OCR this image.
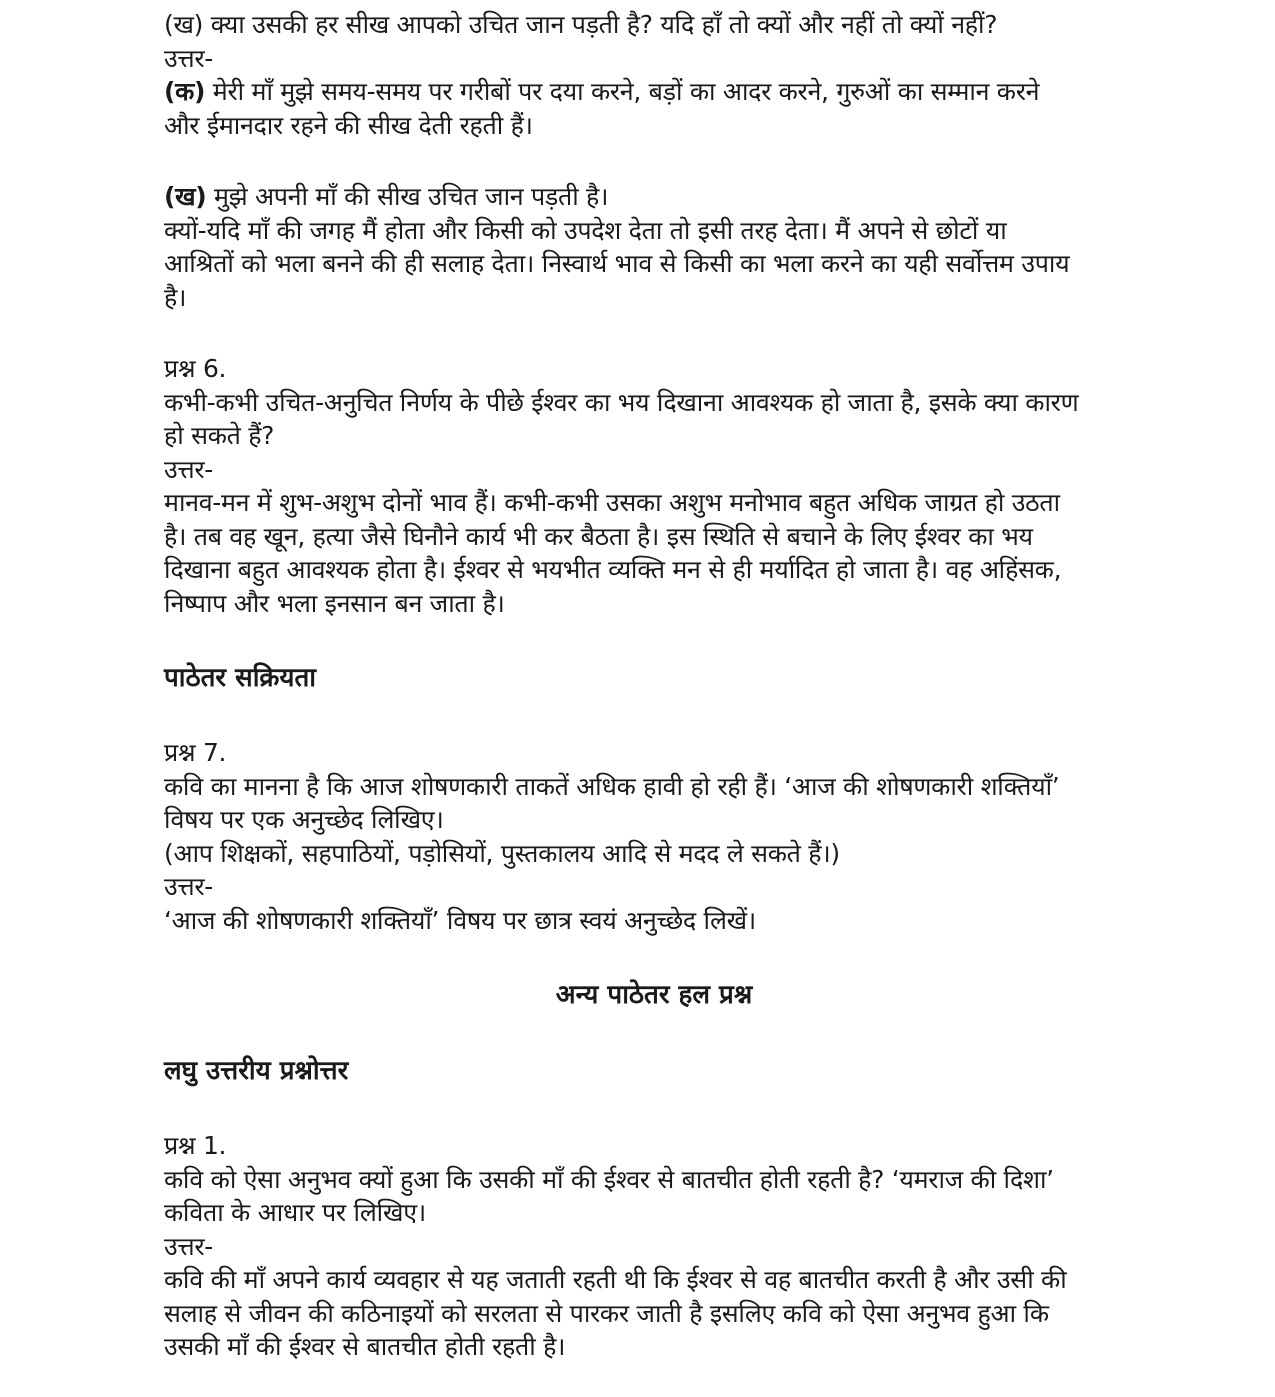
(ख) क्या उसकी हर सीख आपको उचित जान पड़ती है? यदि हाँ तो क्यों और नहीं तो क्यों नहीं?
उत्तर-
(क) मेरी माँ मुझे समय-समय पर गरीबों पर दया करने, बड़ों का आदर करने, गुरुओं का सम्मान करने
और ईमानदार रहने की सीख देती रहती हैं।
(ख) मुझे अपनी माँ की सीख उचित जान पड़ती है।
क्यों-यदि माँ की जगह मैं होता और किसी को उपदेश देता तो इसी तरह देता। मैं अपने से छोटों या
आश्रितों को भला बनने की ही सलाह देता। निस्वार्थ भाव से किसी का भला करने का यही सर्वोत्तम उपाय
है।
प्रश्न 6.
कभी-कभी उचित-अनुचित निर्णय के पीछे ईश्वर का भय दिखाना आवश्यक हो जाता है, इसके क्या कारण
हो सकते हैं?
उत्तर-
मानव-मन में शुभ-अशुभ दोनों भाव हैं। कभी-कभी उसका अशुभ मनोभाव बहुत अधिक जाग्रत हो उठता
है। तब वह खून, हत्या जैसे घिनौने कार्य भी कर बैठता है। इस स्थिति से बचाने के लिए ईश्वर का भय
दिखाना बहुत आवश्यक होता है। ईश्वर से भयभीत व्यक्ति मन से ही मर्यादित हो जाता है। वह अहिंसक,
निष्पाप और भला इनसान बन जाता है।
पाठेतर सक्रियता
प्रश्न 7.
कवि का मानना है कि आज शोषणकारी ताकतें अधिक हावी हो रही हैं। ‘आज की शोषणकारी शक्तियाँ’
विषय पर एक अनुच्छेद लिखिए।
(आप शिक्षकों, सहपाठियों, पड़ोसियों, पुस्तकालय आदि से मदद ले सकते हैं।)
उत्तर-
‘आज की शोषणकारी शक्तियाँ’ विषय पर छात्र स्वयं अनुच्छेद लिखें।
अन्य पाठेतर हल प्रश्न
लघु उत्तरीय प्रश्नोत्तर
प्रश्न 1.
कवि को ऐसा अनुभव क्यों हुआ कि उसकी माँ की ईश्वर से बातचीत होती रहती है? ‘यमराज की दिशा’
कविता के आधार पर लिखिए।
उत्तर-
कवि की माँ अपने कार्य व्यवहार से यह जताती रहती थी कि ईश्वर से वह बातचीत करती है और उसी की
सलाह से जीवन की कठिनाइयों को सरलता से पारकर जाती है इसलिए कवि को ऐसा अनुभव हुआ कि
उसकी माँ की ईश्वर से बातचीत होती रहती है।
